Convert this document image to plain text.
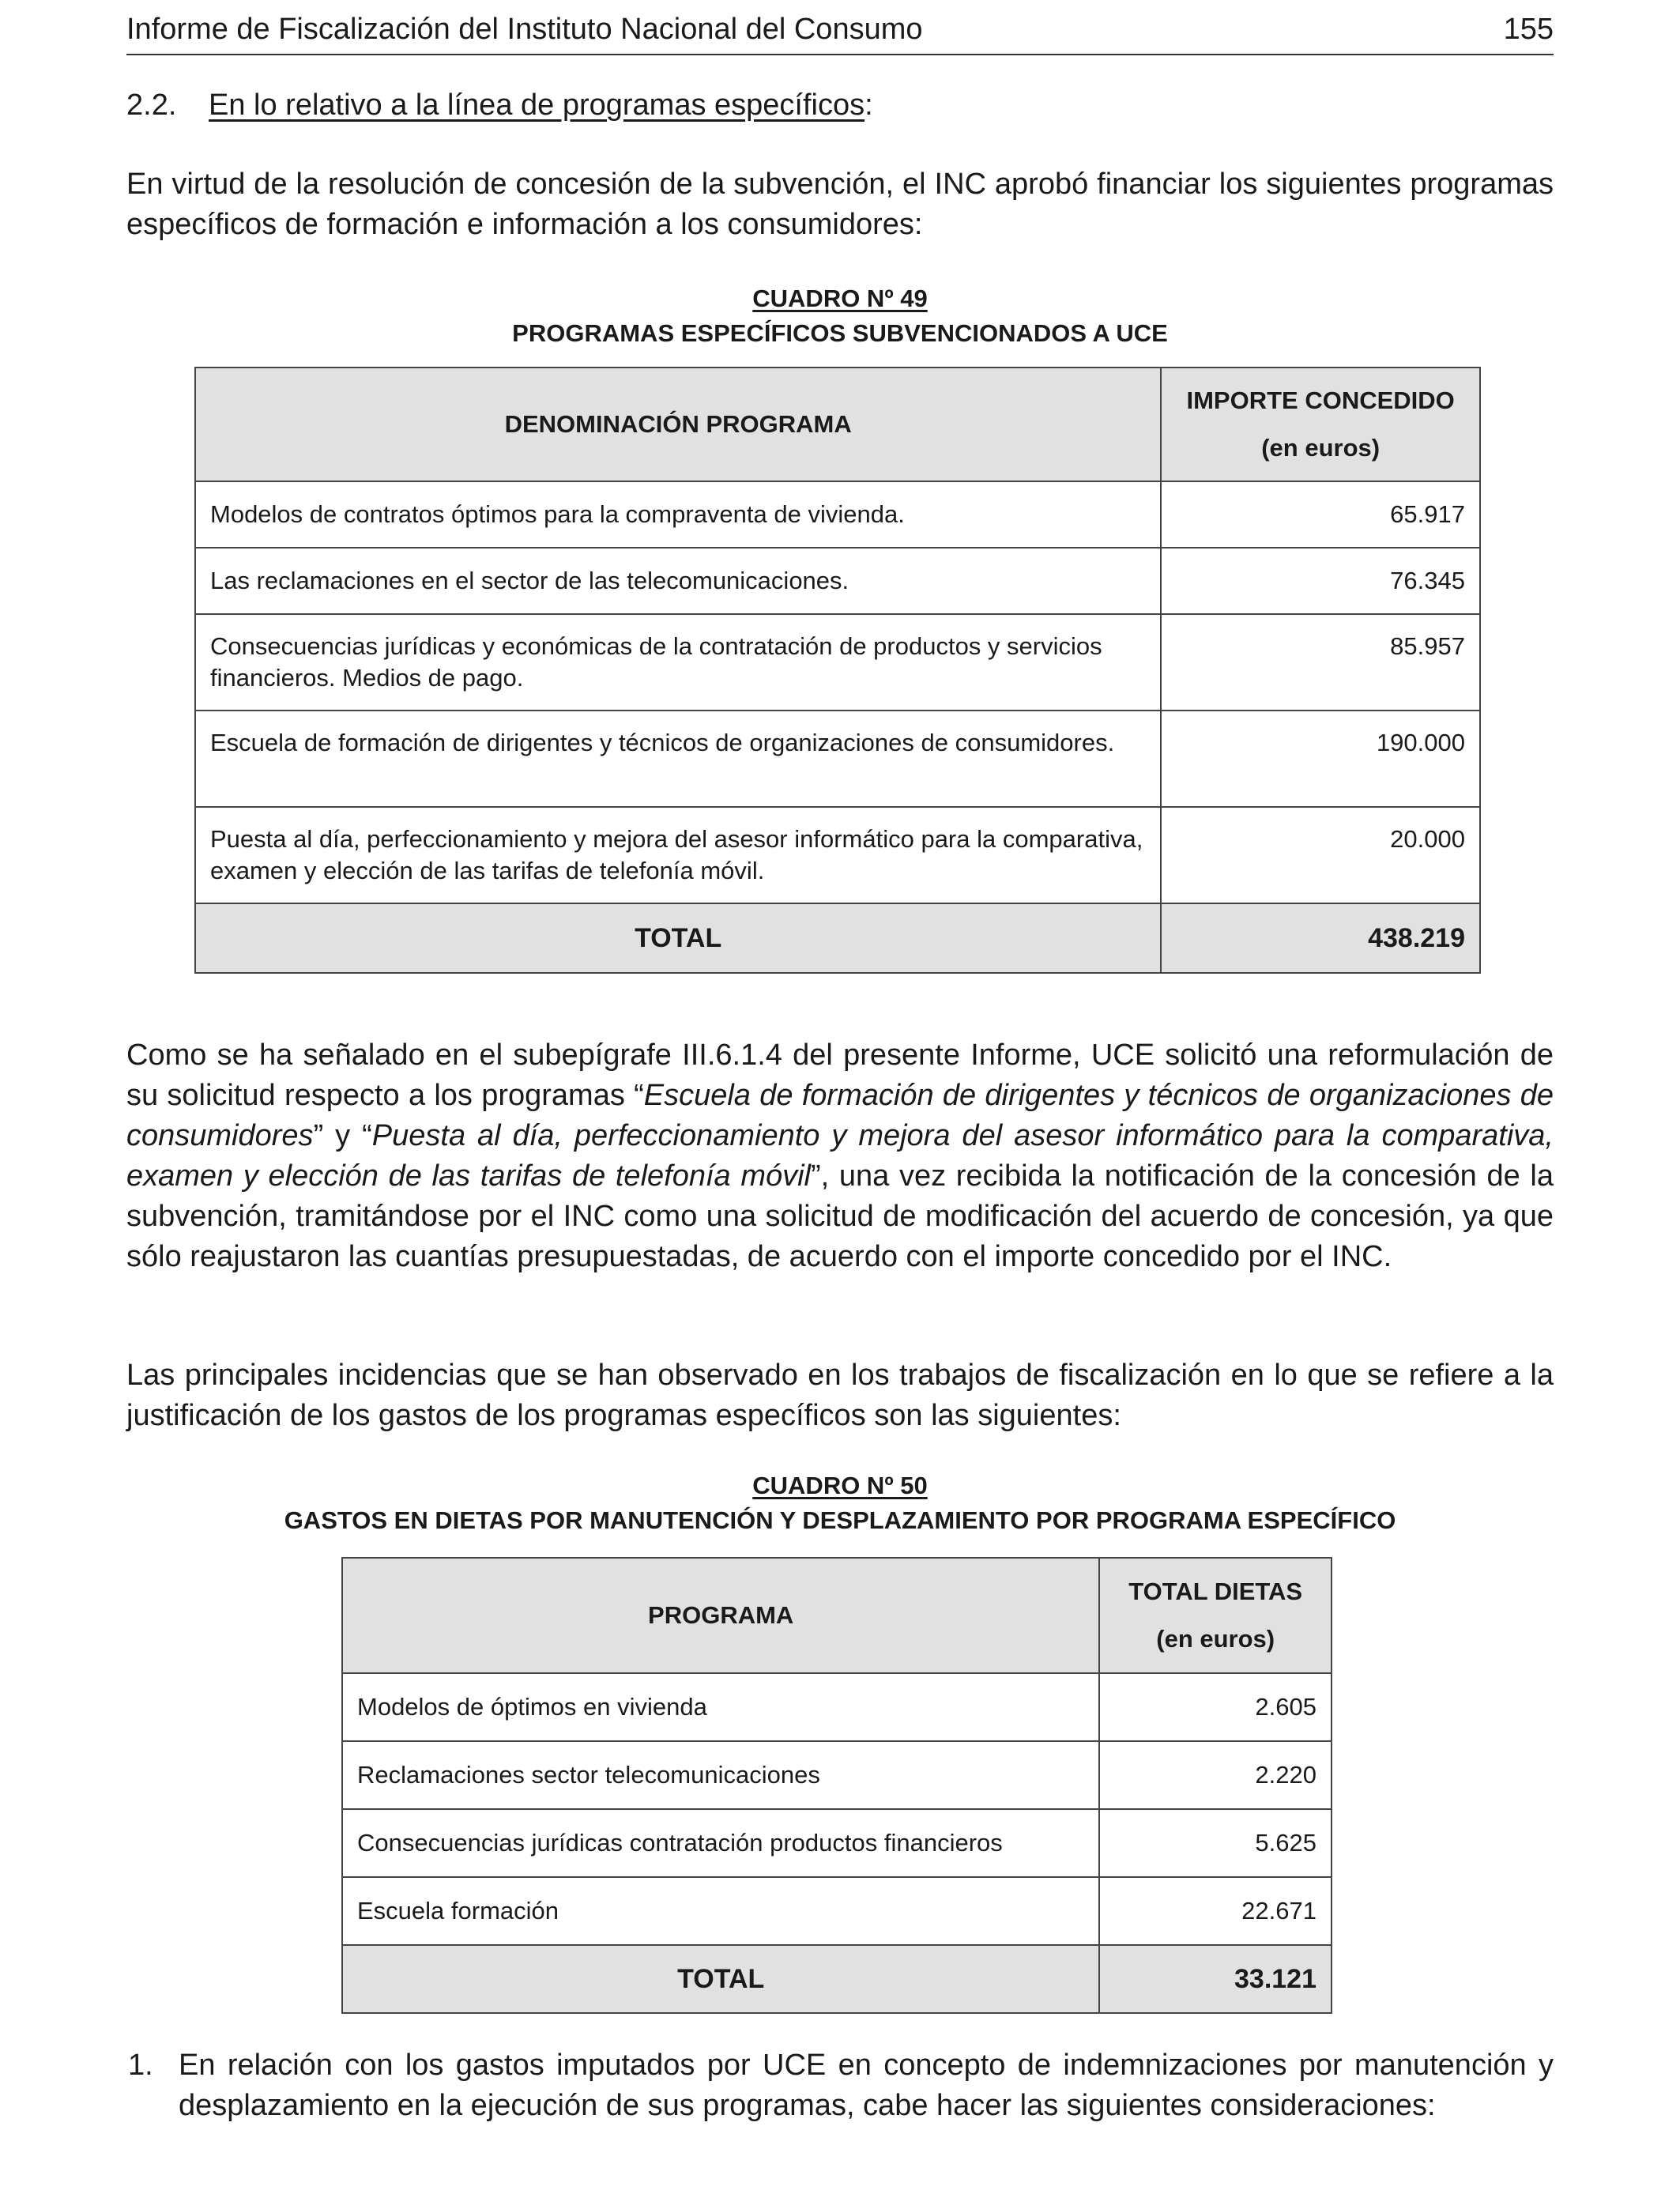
Informe de Fiscalización del Instituto Nacional del Consumo	155
2.2. En lo relativo a la línea de programas específicos:

En virtud de la resolución de concesión de la subvención, el INC aprobó financiar los siguientes programas específicos de formación e información a los consumidores:

CUADRO Nº 49
PROGRAMAS ESPECÍFICOS SUBVENCIONADOS A UCE
DENOMINACIÓN PROGRAMA	IMPORTE CONCEDIDO
(en euros)
Modelos de contratos óptimos para la compraventa de vivienda.	65.917
Las reclamaciones en el sector de las telecomunicaciones.	76.345
Consecuencias jurídicas y económicas de la contratación de productos y servicios financieros. Medios de pago.	85.957
Escuela de formación de dirigentes y técnicos de organizaciones de consumidores.	190.000
Puesta al día, perfeccionamiento y mejora del asesor informático para la comparativa, examen y elección de las tarifas de telefonía móvil.	20.000
TOTAL	438.219

Como se ha señalado en el subepígrafe III.6.1.4 del presente Informe, UCE solicitó una reformulación de su solicitud respecto a los programas “Escuela de formación de dirigentes y técnicos de organizaciones de consumidores” y “Puesta al día, perfeccionamiento y mejora del asesor informático para la comparativa, examen y elección de las tarifas de telefonía móvil”, una vez recibida la notificación de la concesión de la subvención, tramitándose por el INC como una solicitud de modificación del acuerdo de concesión, ya que sólo reajustaron las cuantías presupuestadas, de acuerdo con el importe concedido por el INC.

Las principales incidencias que se han observado en los trabajos de fiscalización en lo que se refiere a la justificación de los gastos de los programas específicos son las siguientes:

CUADRO Nº 50
GASTOS EN DIETAS POR MANUTENCIÓN Y DESPLAZAMIENTO POR PROGRAMA ESPECÍFICO
PROGRAMA	TOTAL DIETAS
(en euros)
Modelos de óptimos en vivienda	2.605
Reclamaciones sector telecomunicaciones	2.220
Consecuencias jurídicas contratación productos financieros	5.625
Escuela formación	22.671
TOTAL	33.121
1. En relación con los gastos imputados por UCE en concepto de indemnizaciones por manutención y desplazamiento en la ejecución de sus programas, cabe hacer las siguientes consideraciones:
